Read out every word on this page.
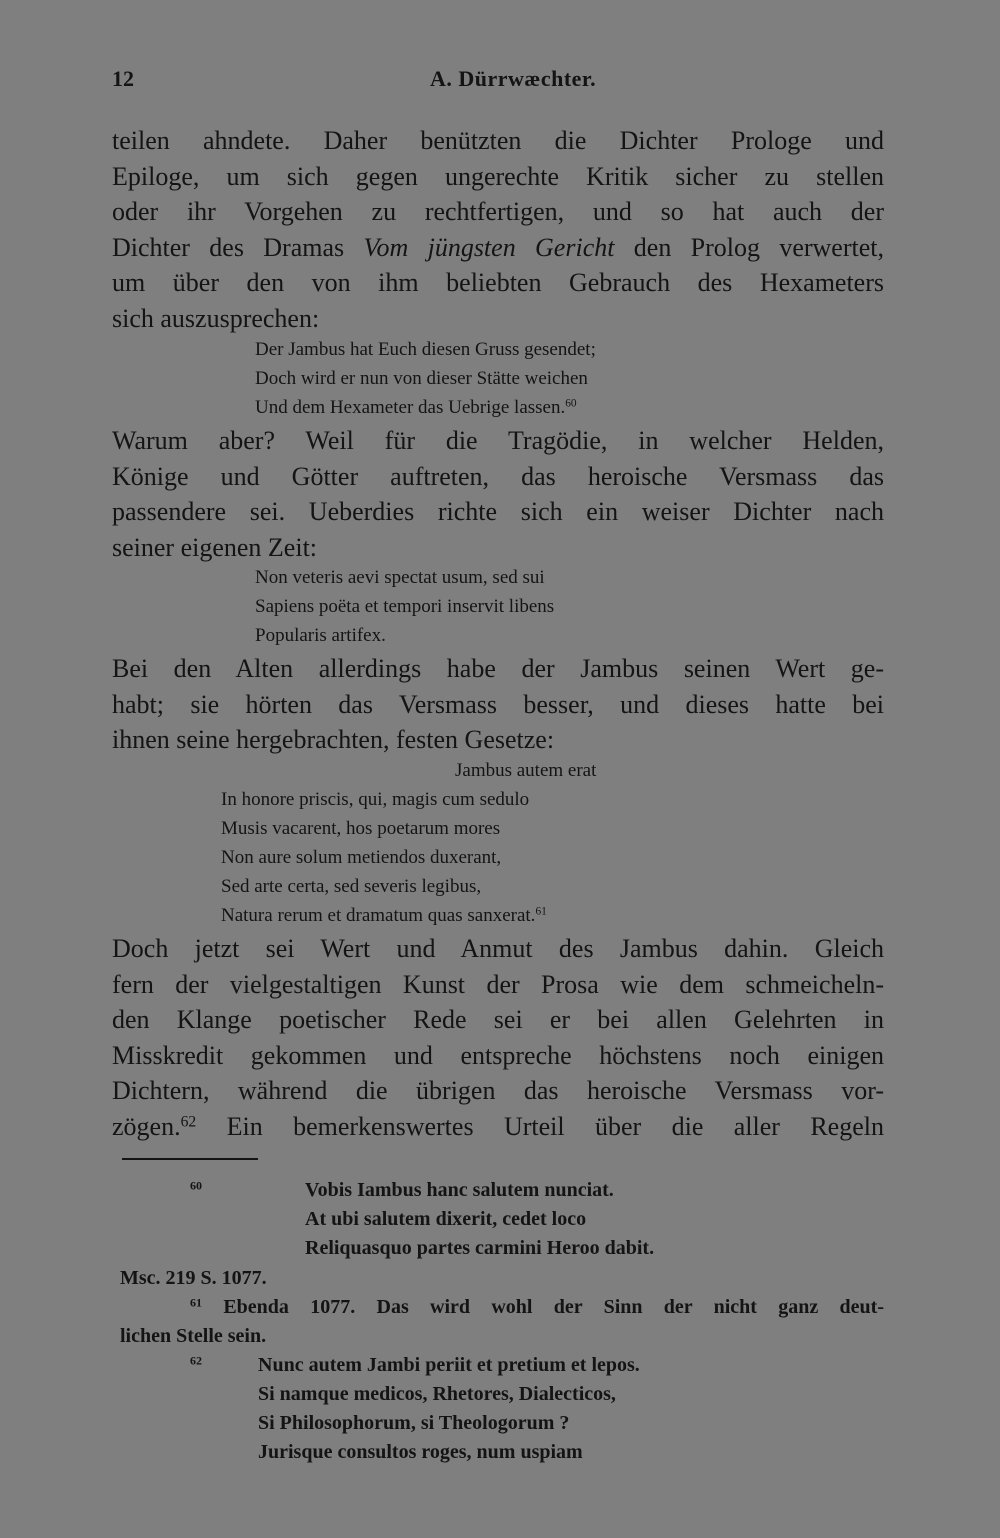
12	A. Dürrwæchter.
teilen ahndete. Daher benützten die Dichter Prologe und
Epiloge, um sich gegen ungerechte Kritik sicher zu stellen
oder ihr Vorgehen zu rechtfertigen, und so hat auch der
Dichter des Dramas Vom jüngsten Gericht den Prolog verwertet,
um über den von ihm beliebten Gebrauch des Hexameters
sich auszusprechen:
Der Jambus hat Euch diesen Gruss gesendet;
Doch wird er nun von dieser Stätte weichen
Und dem Hexameter das Uebrige lassen.$^{60}$
Warum aber? Weil für die Tragödie, in welcher Helden,
Könige und Götter auftreten, das heroische Versmass das
passendere sei. Ueberdies richte sich ein weiser Dichter nach
seiner eigenen Zeit:
Non veteris aevi spectat usum, sed sui
Sapiens poëta et tempori inservit libens
Popularis artifex.
Bei den Alten allerdings habe der Jambus seinen Wert ge-
habt; sie hörten das Versmass besser, und dieses hatte bei
ihnen seine hergebrachten, festen Gesetze:
Jambus autem erat
In honore priscis, qui, magis cum sedulo
Musis vacarent, hos poetarum mores
Non aure solum metiendos duxerant,
Sed arte certa, sed severis legibus,
Natura rerum et dramatum quas sanxerat.$^{61}$
Doch jetzt sei Wert und Anmut des Jambus dahin. Gleich
fern der vielgestaltigen Kunst der Prosa wie dem schmeicheln-
den Klange poetischer Rede sei er bei allen Gelehrten in
Misskredit gekommen und entspreche höchstens noch einigen
Dichtern, während die übrigen das heroische Versmass vor-
zögen.$^{62}$ Ein bemerkenswertes Urteil über die aller Regeln
$^{60}$	Vobis Iambus hanc salutem nunciat.
At ubi salutem dixerit, cedet loco
Reliquasquo partes carmini Heroo dabit.
Msc. 219 S. 1077.
$^{61}$ Ebenda 1077. Das wird wohl der Sinn der nicht ganz deut-
lichen Stelle sein.
$^{62}$	Nunc autem Jambi periit et pretium et lepos.
Si namque medicos, Rhetores, Dialecticos,
Si Philosophorum, si Theologorum ?
Jurisque consultos roges, num uspiam
